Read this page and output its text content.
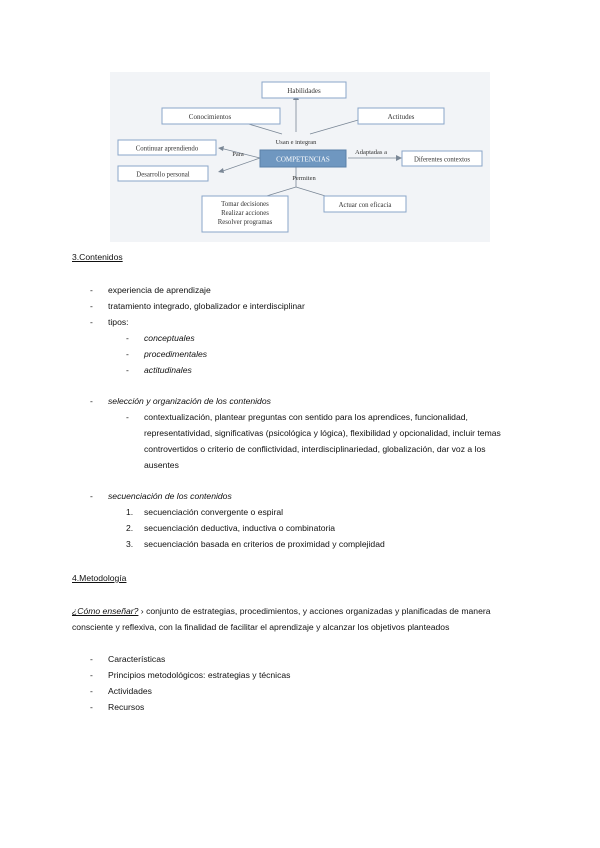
Habilidades
Conocimientos	Actitudes
Usan e integran
Continuar aprendiendo
Desarrollo personal
Para
COMPETENCIAS
Adaptadas a
Diferentes contextos
Permiten
Tomar decisiones
Realizar acciones
Resolver programas
Actuar con eficacia
3.Contenidos
- experiencia de aprendizaje
- tratamiento integrado, globalizador e interdisciplinar
- tipos:
- conceptuales
- procedimentales
- actitudinales
- selección y organización de los contenidos
- contextualización, plantear preguntas con sentido para los aprendices, funcionalidad,
representatividad, significativas (psicológica y lógica), flexibilidad y opcionalidad, incluir temas
controvertidos o criterio de conflictividad, interdisciplinariedad, globalización, dar voz a los
ausentes
- secuenciación de los contenidos
1. secuenciación convergente o espiral
2. secuenciación deductiva, inductiva o combinatoria
3. secuenciación basada en criterios de proximidad y complejidad
4.Metodología
¿Cómo enseñar? › conjunto de estrategias, procedimientos, y acciones organizadas y planificadas de manera
consciente y reflexiva, con la finalidad de facilitar el aprendizaje y alcanzar los objetivos planteados
- Características
- Principios metodológicos: estrategias y técnicas
- Actividades
- Recursos
